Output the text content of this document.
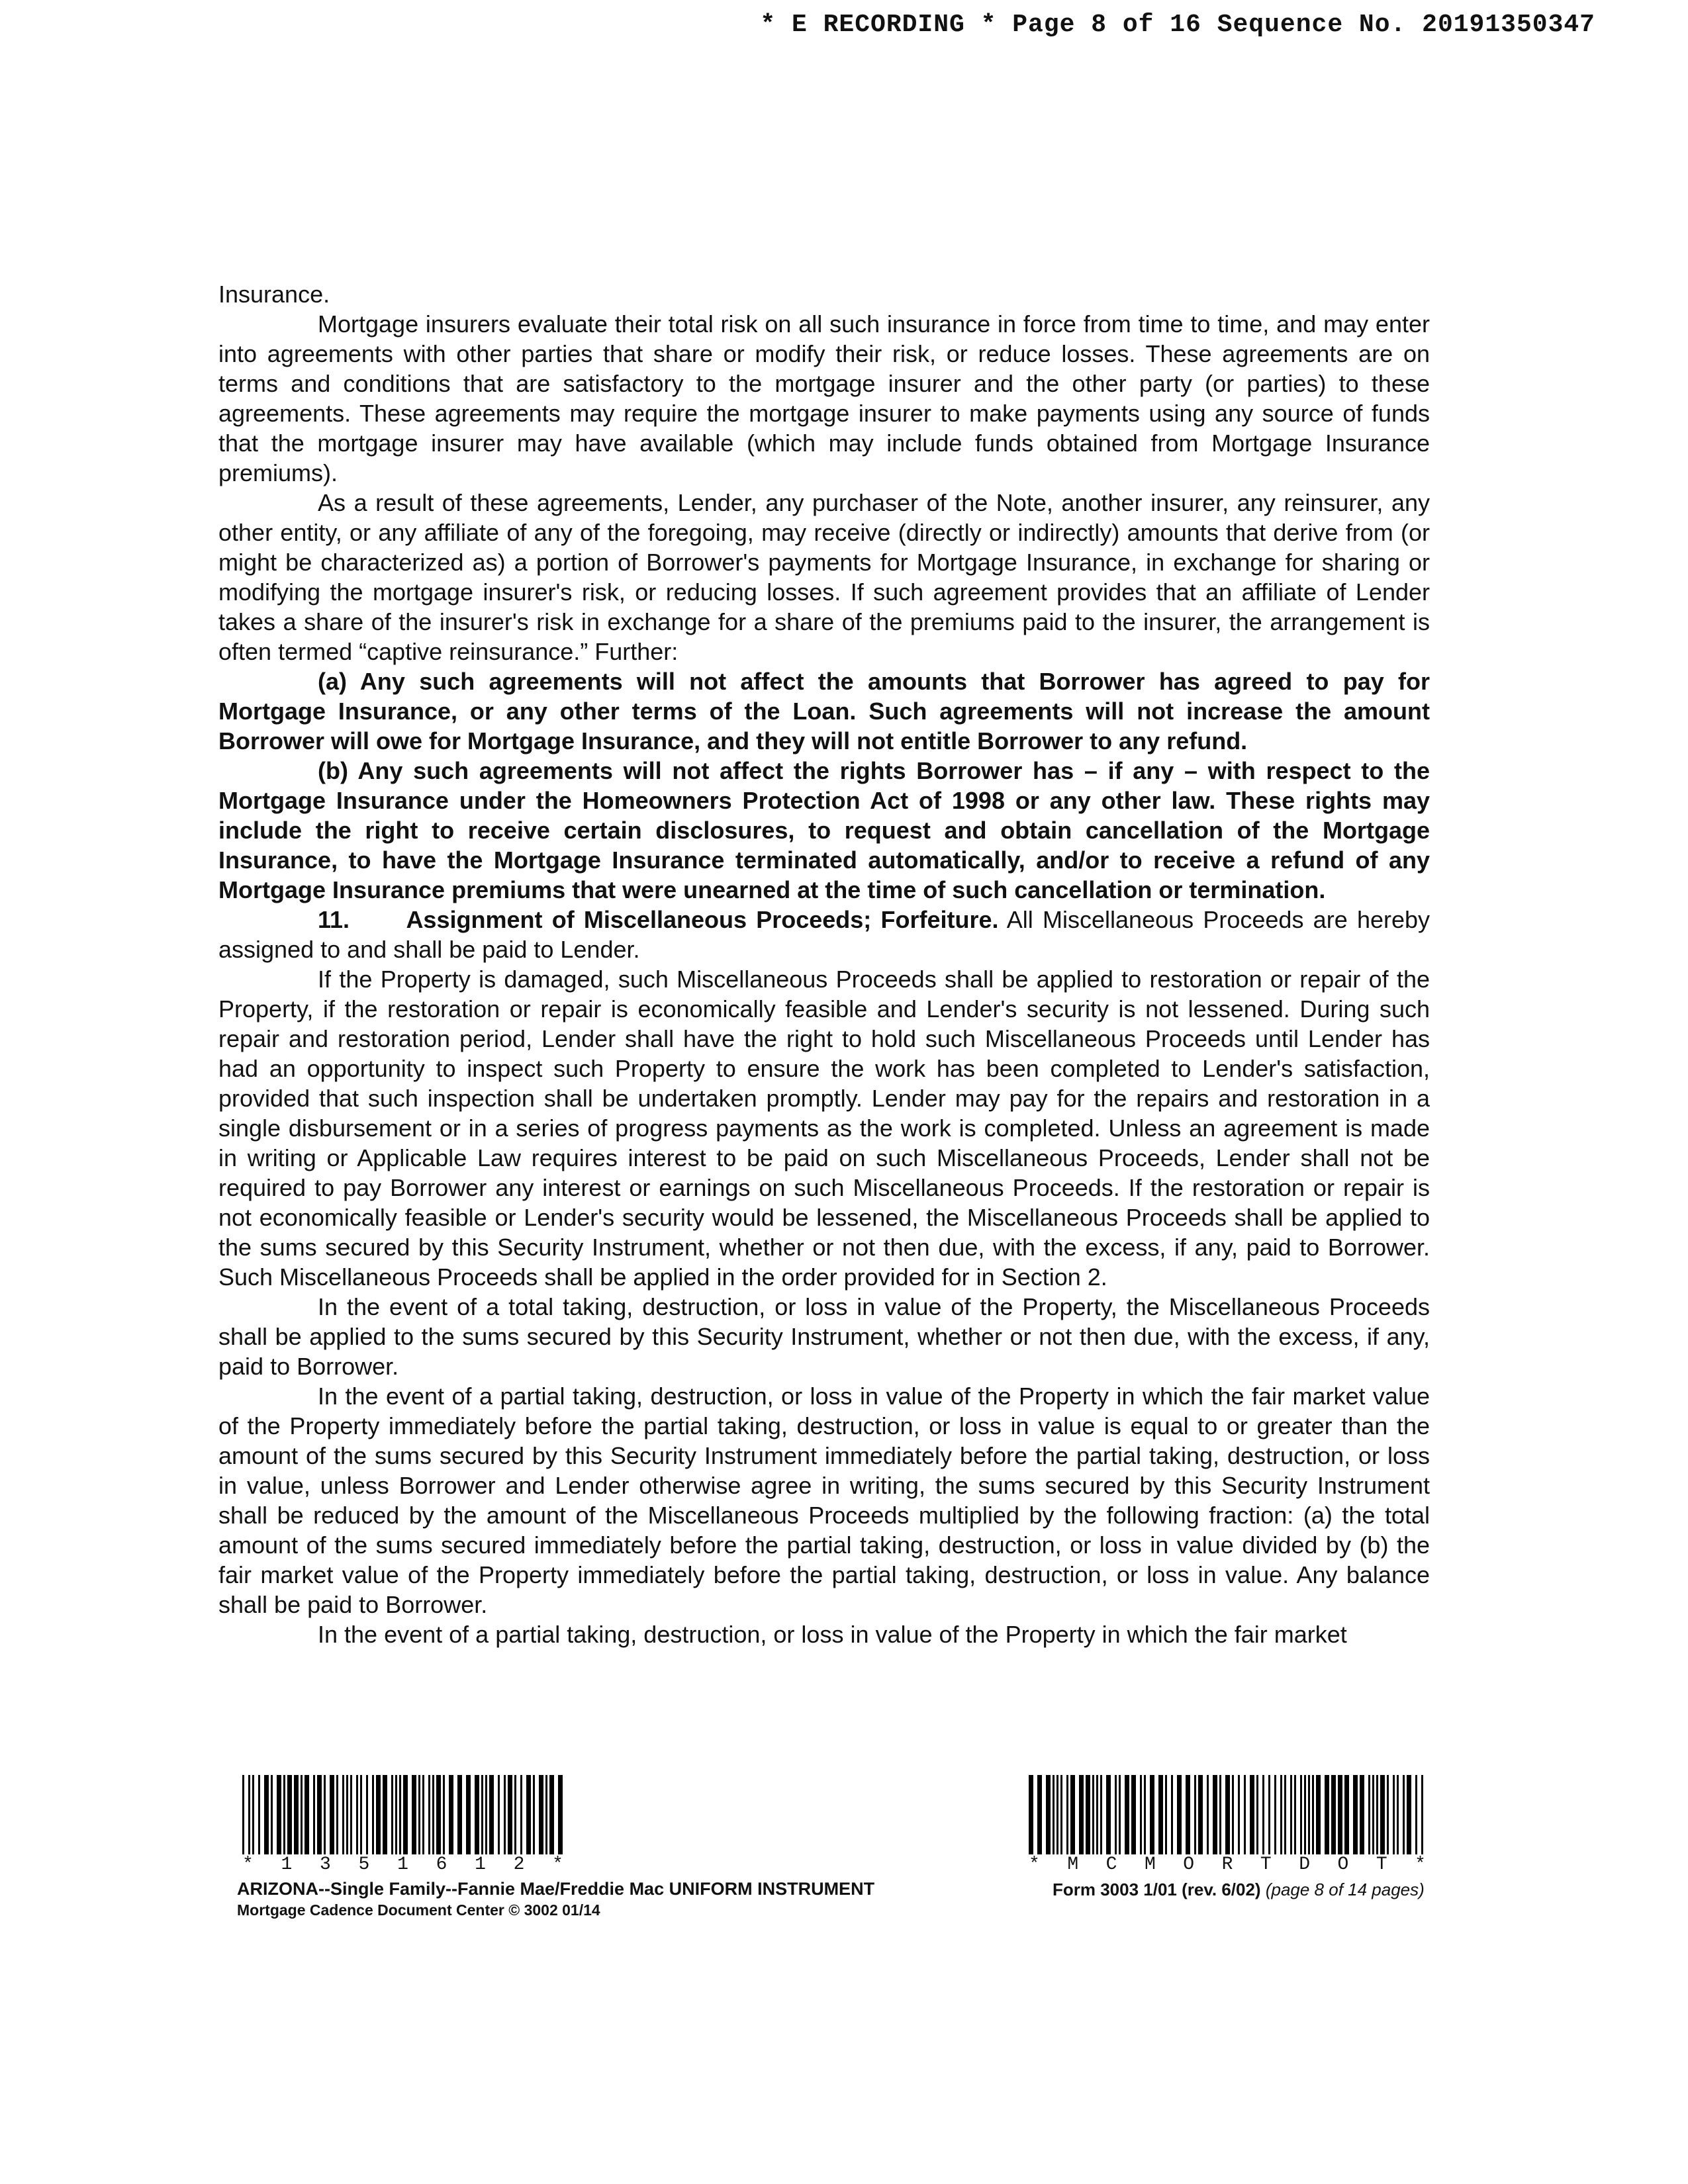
* E RECORDING * Page 8 of 16 Sequence No. 20191350347

Insurance.

Mortgage insurers evaluate their total risk on all such insurance in force from time to time, and may enter into agreements with other parties that share or modify their risk, or reduce losses. These agreements are on terms and conditions that are satisfactory to the mortgage insurer and the other party (or parties) to these agreements. These agreements may require the mortgage insurer to make payments using any source of funds that the mortgage insurer may have available (which may include funds obtained from Mortgage Insurance premiums).

As a result of these agreements, Lender, any purchaser of the Note, another insurer, any reinsurer, any other entity, or any affiliate of any of the foregoing, may receive (directly or indirectly) amounts that derive from (or might be characterized as) a portion of Borrower's payments for Mortgage Insurance, in exchange for sharing or modifying the mortgage insurer's risk, or reducing losses. If such agreement provides that an affiliate of Lender takes a share of the insurer's risk in exchange for a share of the premiums paid to the insurer, the arrangement is often termed “captive reinsurance.” Further:

(a) Any such agreements will not affect the amounts that Borrower has agreed to pay for Mortgage Insurance, or any other terms of the Loan. Such agreements will not increase the amount Borrower will owe for Mortgage Insurance, and they will not entitle Borrower to any refund.

(b) Any such agreements will not affect the rights Borrower has – if any – with respect to the Mortgage Insurance under the Homeowners Protection Act of 1998 or any other law. These rights may include the right to receive certain disclosures, to request and obtain cancellation of the Mortgage Insurance, to have the Mortgage Insurance terminated automatically, and/or to receive a refund of any Mortgage Insurance premiums that were unearned at the time of such cancellation or termination.

11. Assignment of Miscellaneous Proceeds; Forfeiture. All Miscellaneous Proceeds are hereby assigned to and shall be paid to Lender.

If the Property is damaged, such Miscellaneous Proceeds shall be applied to restoration or repair of the Property, if the restoration or repair is economically feasible and Lender's security is not lessened. During such repair and restoration period, Lender shall have the right to hold such Miscellaneous Proceeds until Lender has had an opportunity to inspect such Property to ensure the work has been completed to Lender's satisfaction, provided that such inspection shall be undertaken promptly. Lender may pay for the repairs and restoration in a single disbursement or in a series of progress payments as the work is completed. Unless an agreement is made in writing or Applicable Law requires interest to be paid on such Miscellaneous Proceeds, Lender shall not be required to pay Borrower any interest or earnings on such Miscellaneous Proceeds. If the restoration or repair is not economically feasible or Lender's security would be lessened, the Miscellaneous Proceeds shall be applied to the sums secured by this Security Instrument, whether or not then due, with the excess, if any, paid to Borrower. Such Miscellaneous Proceeds shall be applied in the order provided for in Section 2.

In the event of a total taking, destruction, or loss in value of the Property, the Miscellaneous Proceeds shall be applied to the sums secured by this Security Instrument, whether or not then due, with the excess, if any, paid to Borrower.

In the event of a partial taking, destruction, or loss in value of the Property in which the fair market value of the Property immediately before the partial taking, destruction, or loss in value is equal to or greater than the amount of the sums secured by this Security Instrument immediately before the partial taking, destruction, or loss in value, unless Borrower and Lender otherwise agree in writing, the sums secured by this Security Instrument shall be reduced by the amount of the Miscellaneous Proceeds multiplied by the following fraction: (a) the total amount of the sums secured immediately before the partial taking, destruction, or loss in value divided by (b) the fair market value of the Property immediately before the partial taking, destruction, or loss in value. Any balance shall be paid to Borrower.

In the event of a partial taking, destruction, or loss in value of the Property in which the fair market

* 1 3 5 1 6 1 2 *	* M C M O R T D O T *
ARIZONA--Single Family--Fannie Mae/Freddie Mac UNIFORM INSTRUMENT
Mortgage Cadence Document Center © 3002 01/14
Form 3003 1/01 (rev. 6/02) (page 8 of 14 pages)
